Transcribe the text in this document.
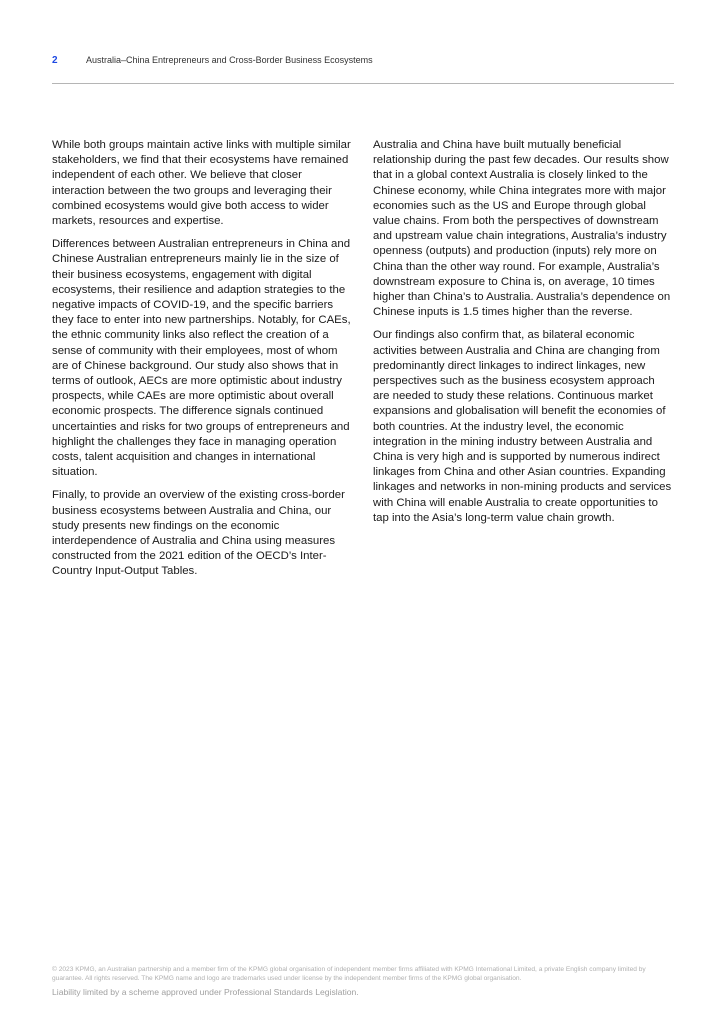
2	Australia–China Entrepreneurs and Cross-Border Business Ecosystems

While both groups maintain active links with multiple similar stakeholders, we find that their ecosystems have remained independent of each other. We believe that closer interaction between the two groups and leveraging their combined ecosystems would give both access to wider markets, resources and expertise.

Differences between Australian entrepreneurs in China and Chinese Australian entrepreneurs mainly lie in the size of their business ecosystems, engagement with digital ecosystems, their resilience and adaption strategies to the negative impacts of COVID-19, and the specific barriers they face to enter into new partnerships. Notably, for CAEs, the ethnic community links also reflect the creation of a sense of community with their employees, most of whom are of Chinese background. Our study also shows that in terms of outlook, AECs are more optimistic about industry prospects, while CAEs are more optimistic about overall economic prospects. The difference signals continued uncertainties and risks for two groups of entrepreneurs and highlight the challenges they face in managing operation costs, talent acquisition and changes in international situation.

Finally, to provide an overview of the existing cross-border business ecosystems between Australia and China, our study presents new findings on the economic interdependence of Australia and China using measures constructed from the 2021 edition of the OECD’s Inter-Country Input-Output Tables.

Australia and China have built mutually beneficial relationship during the past few decades. Our results show that in a global context Australia is closely linked to the Chinese economy, while China integrates more with major economies such as the US and Europe through global value chains. From both the perspectives of downstream and upstream value chain integrations, Australia’s industry openness (outputs) and production (inputs) rely more on China than the other way round. For example, Australia’s downstream exposure to China is, on average, 10 times higher than China’s to Australia. Australia’s dependence on Chinese inputs is 1.5 times higher than the reverse.

Our findings also confirm that, as bilateral economic activities between Australia and China are changing from predominantly direct linkages to indirect linkages, new perspectives such as the business ecosystem approach are needed to study these relations. Continuous market expansions and globalisation will benefit the economies of both countries. At the industry level, the economic integration in the mining industry between Australia and China is very high and is supported by numerous indirect linkages from China and other Asian countries. Expanding linkages and networks in non-mining products and services with China will enable Australia to create opportunities to tap into the Asia’s long-term value chain growth.

© 2023 KPMG, an Australian partnership and a member firm of the KPMG global organisation of independent member firms affiliated with KPMG International Limited, a private English company limited by guarantee. All rights reserved. The KPMG name and logo are trademarks used under license by the independent member firms of the KPMG global organisation.

Liability limited by a scheme approved under Professional Standards Legislation.
